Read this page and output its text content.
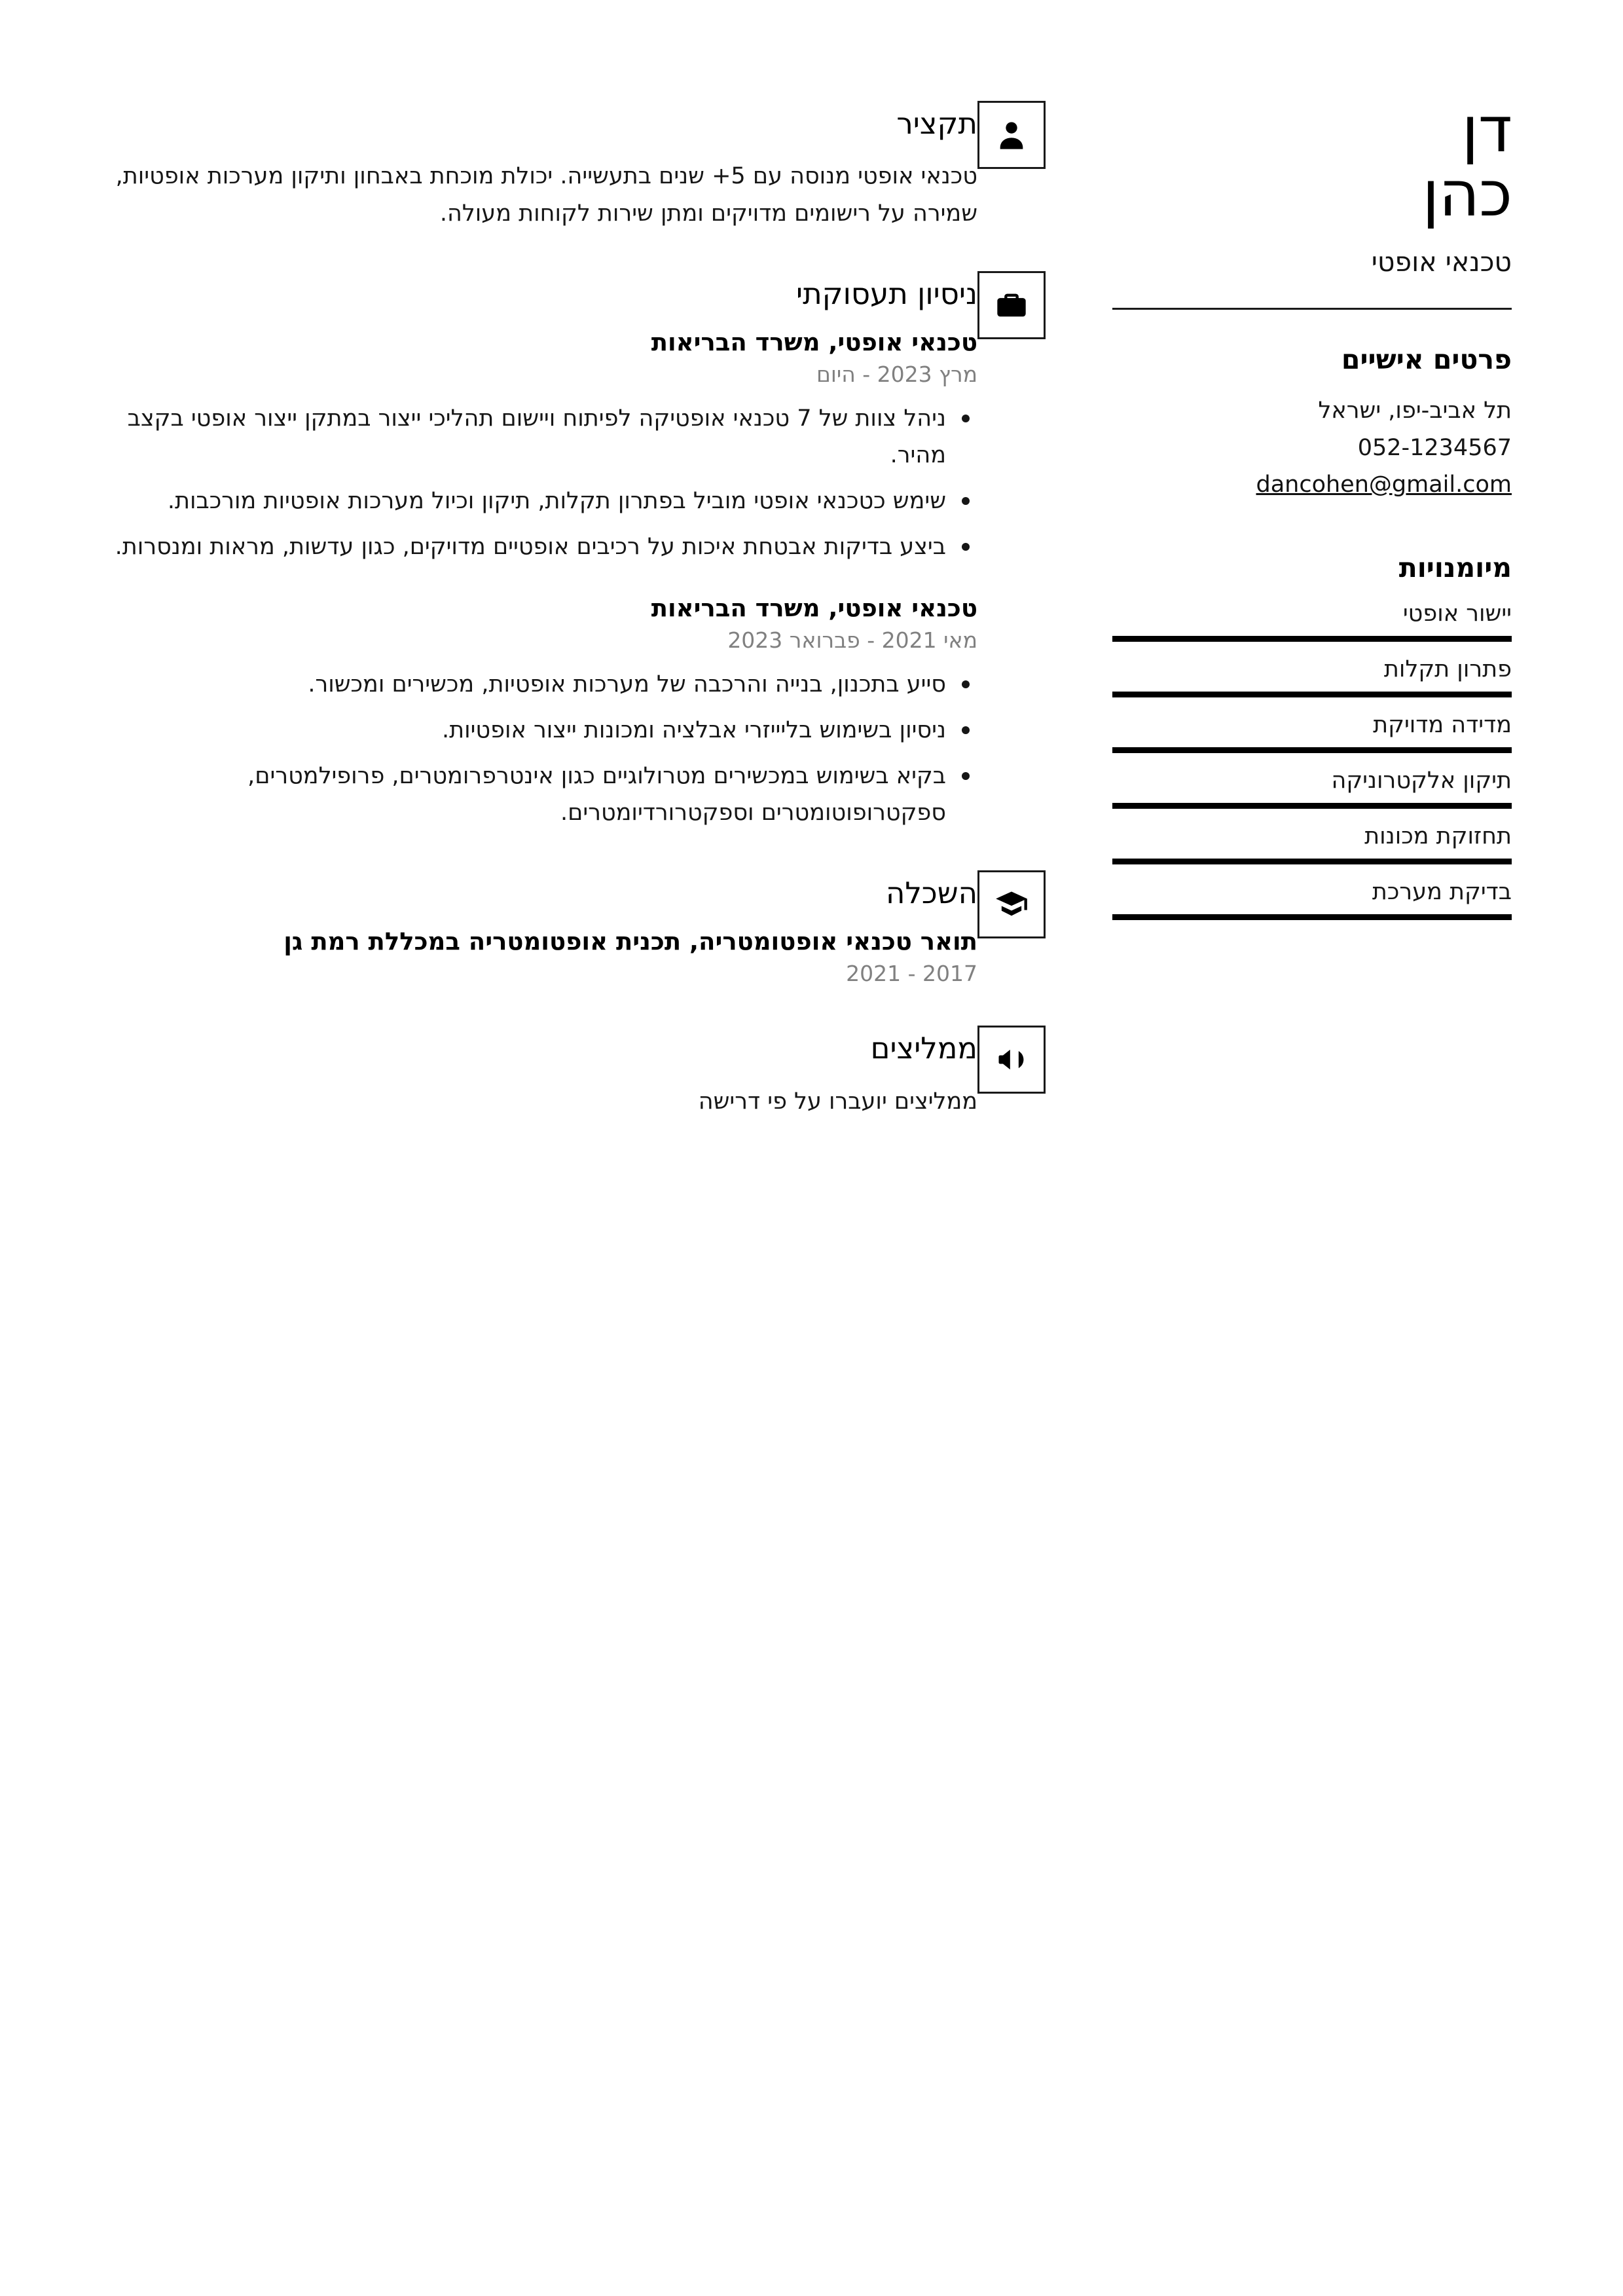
דן
כהן
טכנאי אופטי
פרטים אישיים
תל אביב-יפו, ישראל
052-1234567
dancohen@gmail.com
מיומנויות
יישור אופטי
פתרון תקלות
מדידה מדויקת
תיקון אלקטרוניקה
תחזוקת מכונות
בדיקת מערכת
תקציר

טכנאי אופטי מנוסה עם 5+ שנים בתעשייה. יכולת מוכחת באבחון ותיקון מערכות אופטיות, שמירה על רישומים מדויקים ומתן שירות לקוחות מעולה.

ניסיון תעסוקתי
טכנאי אופטי, משרד הבריאות
מרץ 2023 - היום
ניהל צוות של 7 טכנאי אופטיקה לפיתוח ויישום תהליכי ייצור במתקן ייצור אופטי בקצב מהיר.
שימש כטכנאי אופטי מוביל בפתרון תקלות, תיקון וכיול מערכות אופטיות מורכבות.
ביצע בדיקות אבטחת איכות על רכיבים אופטיים מדויקים, כגון עדשות, מראות ומנסרות.
טכנאי אופטי, משרד הבריאות
מאי 2021 - פברואר 2023
סייע בתכנון, בנייה והרכבה של מערכות אופטיות, מכשירים ומכשור.
ניסיון בשימוש בליייזרי אבלציה ומכונות ייצור אופטיות.
בקיא בשימוש במכשירים מטרולוגיים כגון אינטרפרומטרים, פרופילמטרים, ספקטרופוטומטרים וספקטרורדיומטרים.
השכלה
תואר טכנאי אופטומטריה, תכנית אופטומטריה במכללת רמת גן
2017 - 2021
ממליצים

ממליצים יועברו על פי דרישה
